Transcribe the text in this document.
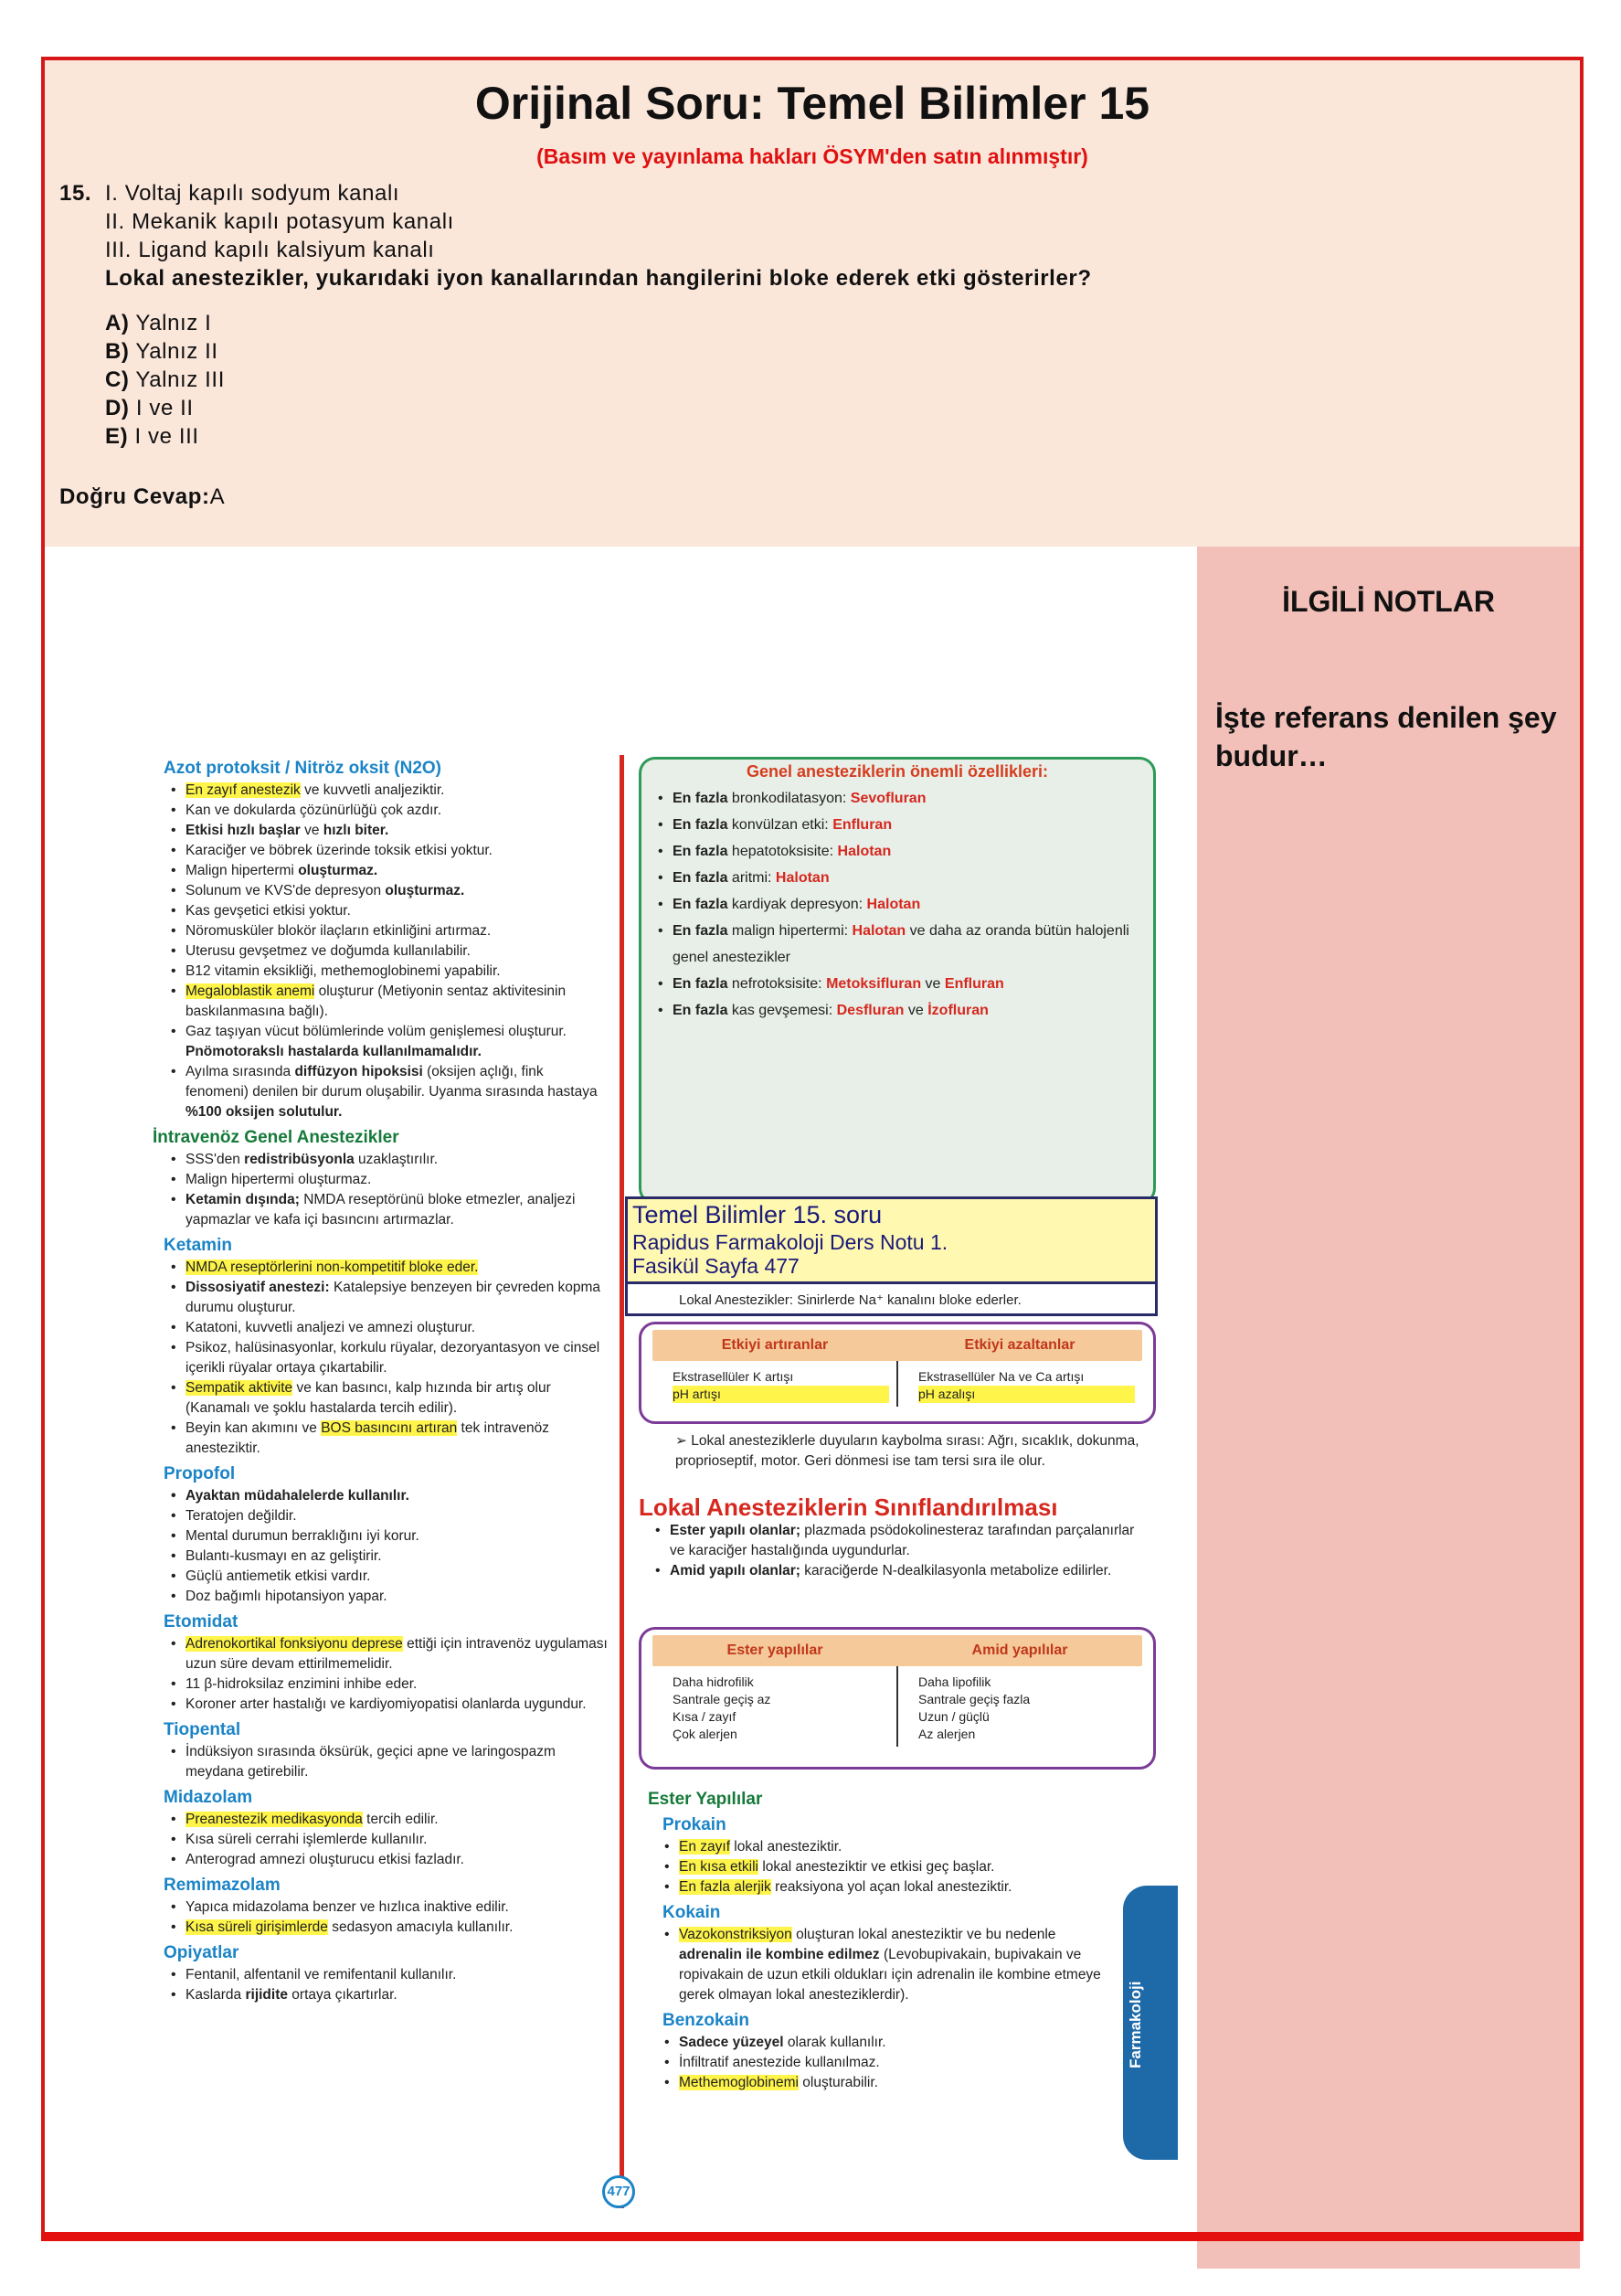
Orijinal Soru: Temel Bilimler 15
(Basım ve yayınlama hakları ÖSYM'den satın alınmıştır)
15. I. Voltaj kapılı sodyum kanalı
II. Mekanik kapılı potasyum kanalı
III. Ligand kapılı kalsiyum kanalı
Lokal anestezikler, yukarıdaki iyon kanallarından hangilerini bloke ederek etki gösterirler?
A) Yalnız I
B) Yalnız II
C) Yalnız III
D) I ve II
E) I ve III
Doğru Cevap:A
Azot protoksit / Nitröz oksit (N2O)
• En zayıf anestezik ve kuvvetli analjeziktir.
• Kan ve dokularda çözünürlüğü çok azdır.
• Etkisi hızlı başlar ve hızlı biter.
• Karaciğer ve böbrek üzerinde toksik etkisi yoktur.
• Malign hipertermi oluşturmaz.
• Solunum ve KVS'de depresyon oluşturmaz.
• Kas gevşetici etkisi yoktur.
• Nöromusküler blokör ilaçların etkinliğini artırmaz.
• Uterusu gevşetmez ve doğumda kullanılabilir.
• B12 vitamin eksikliği, methemoglobinemi yapabilir.
• Megaloblastik anemi oluşturur (Metiyonin sentaz aktivitesinin baskılanmasına bağlı).
• Gaz taşıyan vücut bölümlerinde volüm genişlemesi oluşturur. Pnömotorakslı hastalarda kullanılmamalıdır.
• Ayılma sırasında diffüzyon hipoksisi (oksijen açlığı, fink fenomeni) denilen bir durum oluşabilir. Uyanma sırasında hastaya %100 oksijen solutulur.
İntravenöz Genel Anestezikler
• SSS'den redistribüsyonla uzaklaştırılır.
• Malign hipertermi oluşturmaz.
• Ketamin dışında; NMDA reseptörünü bloke etmezler, analjezi yapmazlar ve kafa içi basıncını artırmazlar.
Ketamin
• NMDA reseptörlerini non-kompetitif bloke eder.
• Dissosiyatif anestezi: Katalepsiye benzeyen bir çevreden kopma durumu oluşturur.
• Katatoni, kuvvetli analjezi ve amnezi oluşturur.
• Psikoz, halüsinasyonlar, korkulu rüyalar, dezoryantasyon ve cinsel içerikli rüyalar ortaya çıkartabilir.
• Sempatik aktivite ve kan basıncı, kalp hızında bir artış olur (Kanamalı ve şoklu hastalarda tercih edilir).
• Beyin kan akımını ve BOS basıncını artıran tek intravenöz anesteziktir.
Propofol
• Ayaktan müdahalelerde kullanılır.
• Teratojen değildir.
• Mental durumun berraklığını iyi korur.
• Bulantı-kusmayı en az geliştirir.
• Güçlü antiemetik etkisi vardır.
• Doz bağımlı hipotansiyon yapar.
Etomidat
• Adrenokortikal fonksiyonu deprese ettiği için intravenöz uygulaması uzun süre devam ettirilmemelidir.
• 11 β-hidroksilaz enzimini inhibe eder.
• Koroner arter hastalığı ve kardiyomiyopatisi olanlarda uygundur.
Tiopental
• İndüksiyon sırasında öksürük, geçici apne ve laringospazm meydana getirebilir.
Midazolam
• Preanestezik medikasyonda tercih edilir.
• Kısa süreli cerrahi işlemlerde kullanılır.
• Anterograd amnezi oluşturucu etkisi fazladır.
Remimazolam
• Yapıca midazolama benzer ve hızlıca inaktive edilir.
• Kısa süreli girişimlerde sedasyon amacıyla kullanılır.
Opiyatlar
• Fentanil, alfentanil ve remifentanil kullanılır.
• Kaslarda rijidite ortaya çıkartırlar.
Genel anesteziklerin önemli özellikleri:
• En fazla bronkodilatasyon: Sevofluran
• En fazla konvülzan etki: Enfluran
• En fazla hepatotoksisite: Halotan
• En fazla aritmi: Halotan
• En fazla kardiyak depresyon: Halotan
• En fazla malign hipertermi: Halotan ve daha az oranda bütün halojenli genel anestezikler
• En fazla nefrotoksisite: Metoksifluran ve Enfluran
• En fazla kas gevşemesi: Desfluran ve İzofluran
Temel Bilimler 15. soru
Rapidus Farmakoloji Ders Notu 1.
Fasikül Sayfa 477
Lokal Anestezikler: Sinirlerde Na⁺ kanalını bloke ederler.
Etkiyi artıranlar	Etkiyi azaltanlar
Ekstrasellüler K artışı
pH artışı
Ekstrasellüler Na ve Ca artışı
pH azalışı
➢ Lokal anesteziklerle duyuların kaybolma sırası: Ağrı, sıcaklık, dokunma, proprioseptif, motor. Geri dönmesi ise tam tersi sıra ile olur.
Lokal Anesteziklerin Sınıflandırılması
• Ester yapılı olanlar; plazmada psödokolinesteraz tarafından parçalanırlar ve karaciğer hastalığında uygundurlar.
• Amid yapılı olanlar; karaciğerde N-dealkilasyonla metabolize edilirler.
Ester yapılılar	Amid yapılılar
Daha hidrofilik
Santrale geçiş az
Kısa / zayıf
Çok alerjen
Daha lipofilik
Santrale geçiş fazla
Uzun / güçlü
Az alerjen
Ester Yapılılar
Prokain
• En zayıf lokal anesteziktir.
• En kısa etkili lokal anesteziktir ve etkisi geç başlar.
• En fazla alerjik reaksiyona yol açan lokal anesteziktir.
Kokain
• Vazokonstriksiyon oluşturan lokal anesteziktir ve bu nedenle adrenalin ile kombine edilmez (Levobupivakain, bupivakain ve ropivakain de uzun etkili oldukları için adrenalin ile kombine etmeye gerek olmayan lokal anesteziklerdir).
Benzokain
• Sadece yüzeyel olarak kullanılır.
• İnfiltratif anestezide kullanılmaz.
• Methemoglobinemi oluşturabilir.
Farmakoloji
477
İLGİLİ NOTLAR
İşte referans denilen şey budur…
